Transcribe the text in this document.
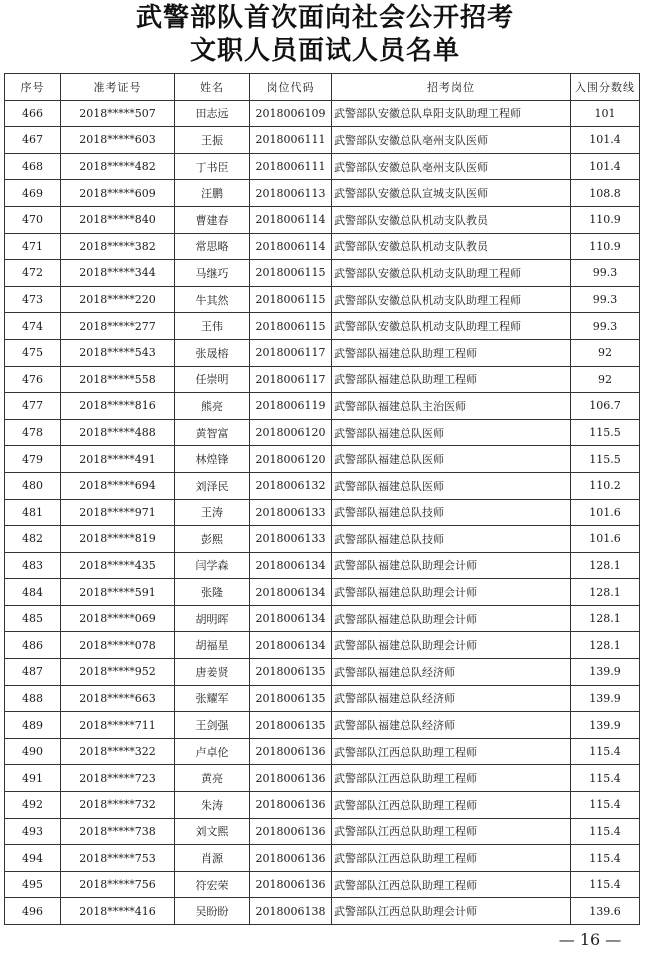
武警部队首次面向社会公开招考
文职人员面试人员名单
序号	准考证号	姓名	岗位代码	招考岗位	入围分数线
466	2018*****507	田志远	2018006109	武警部队安徽总队阜阳支队助理工程师	101
467	2018*****603	王振	2018006111	武警部队安徽总队亳州支队医师	101.4
468	2018*****482	丁书臣	2018006111	武警部队安徽总队亳州支队医师	101.4
469	2018*****609	汪鹏	2018006113	武警部队安徽总队宣城支队医师	108.8
470	2018*****840	曹建春	2018006114	武警部队安徽总队机动支队教员	110.9
471	2018*****382	常思略	2018006114	武警部队安徽总队机动支队教员	110.9
472	2018*****344	马继巧	2018006115	武警部队安徽总队机动支队助理工程师	99.3
473	2018*****220	牛其然	2018006115	武警部队安徽总队机动支队助理工程师	99.3
474	2018*****277	王伟	2018006115	武警部队安徽总队机动支队助理工程师	99.3
475	2018*****543	张晟榕	2018006117	武警部队福建总队助理工程师	92
476	2018*****558	任崇明	2018006117	武警部队福建总队助理工程师	92
477	2018*****816	熊亮	2018006119	武警部队福建总队主治医师	106.7
478	2018*****488	黄智富	2018006120	武警部队福建总队医师	115.5
479	2018*****491	林煌锋	2018006120	武警部队福建总队医师	115.5
480	2018*****694	刘泽民	2018006132	武警部队福建总队医师	110.2
481	2018*****971	王涛	2018006133	武警部队福建总队技师	101.6
482	2018*****819	彭熙	2018006133	武警部队福建总队技师	101.6
483	2018*****435	闫学森	2018006134	武警部队福建总队助理会计师	128.1
484	2018*****591	张隆	2018006134	武警部队福建总队助理会计师	128.1
485	2018*****069	胡明晖	2018006134	武警部队福建总队助理会计师	128.1
486	2018*****078	胡福星	2018006134	武警部队福建总队助理会计师	128.1
487	2018*****952	唐姜贤	2018006135	武警部队福建总队经济师	139.9
488	2018*****663	张耀军	2018006135	武警部队福建总队经济师	139.9
489	2018*****711	王剑强	2018006135	武警部队福建总队经济师	139.9
490	2018*****322	卢卓伦	2018006136	武警部队江西总队助理工程师	115.4
491	2018*****723	黄亮	2018006136	武警部队江西总队助理工程师	115.4
492	2018*****732	朱涛	2018006136	武警部队江西总队助理工程师	115.4
493	2018*****738	刘文熙	2018006136	武警部队江西总队助理工程师	115.4
494	2018*****753	肖源	2018006136	武警部队江西总队助理工程师	115.4
495	2018*****756	符宏荣	2018006136	武警部队江西总队助理工程师	115.4
496	2018*****416	吴盼盼	2018006138	武警部队江西总队助理会计师	139.6
— 16 —
